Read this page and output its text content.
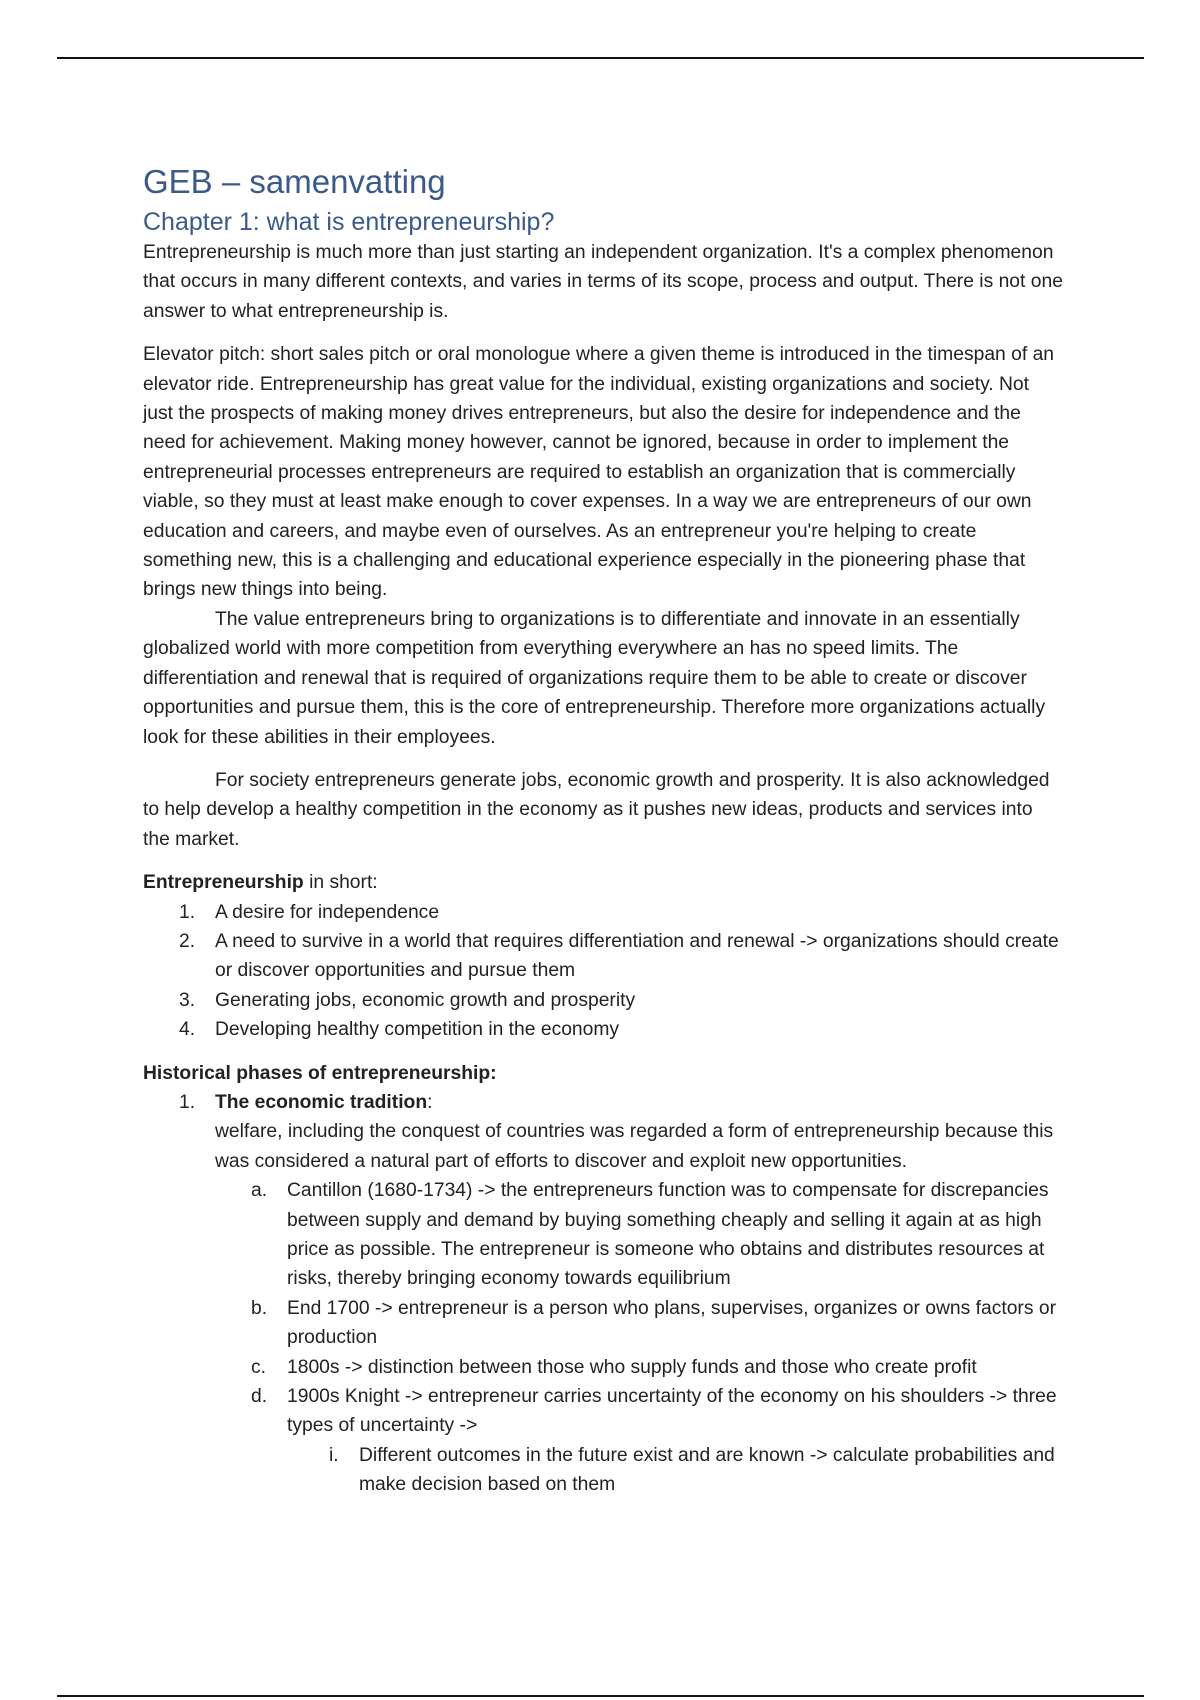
GEB – samenvatting
Chapter 1: what is entrepreneurship?

Entrepreneurship is much more than just starting an independent organization. It's a complex phenomenon that occurs in many different contexts, and varies in terms of its scope, process and output. There is not one answer to what entrepreneurship is.

Elevator pitch: short sales pitch or oral monologue where a given theme is introduced in the timespan of an elevator ride. Entrepreneurship has great value for the individual, existing organizations and society. Not just the prospects of making money drives entrepreneurs, but also the desire for independence and the need for achievement. Making money however, cannot be ignored, because in order to implement the entrepreneurial processes entrepreneurs are required to establish an organization that is commercially viable, so they must at least make enough to cover expenses. In a way we are entrepreneurs of our own education and careers, and maybe even of ourselves. As an entrepreneur you're helping to create something new, this is a challenging and educational experience especially in the pioneering phase that brings new things into being.

The value entrepreneurs bring to organizations is to differentiate and innovate in an essentially globalized world with more competition from everything everywhere an has no speed limits. The differentiation and renewal that is required of organizations require them to be able to create or discover opportunities and pursue them, this is the core of entrepreneurship. Therefore more organizations actually look for these abilities in their employees.

For society entrepreneurs generate jobs, economic growth and prosperity. It is also acknowledged to help develop a healthy competition in the economy as it pushes new ideas, products and services into the market.

Entrepreneurship in short:
1.	A desire for independence
2.	A need to survive in a world that requires differentiation and renewal -> organizations should create or discover opportunities and pursue them
3.	Generating jobs, economic growth and prosperity
4.	Developing healthy competition in the economy
Historical phases of entrepreneurship:
1.	The economic tradition:
welfare, including the conquest of countries was regarded a form of entrepreneurship because this was considered a natural part of efforts to discover and exploit new opportunities.
a.	Cantillon (1680-1734) -> the entrepreneurs function was to compensate for discrepancies between supply and demand by buying something cheaply and selling it again at as high price as possible. The entrepreneur is someone who obtains and distributes resources at risks, thereby bringing economy towards equilibrium
b.	End 1700 -> entrepreneur is a person who plans, supervises, organizes or owns factors or production
c.	1800s -> distinction between those who supply funds and those who create profit
d.	1900s Knight -> entrepreneur carries uncertainty of the economy on his shoulders -> three types of uncertainty ->
i.	Different outcomes in the future exist and are known -> calculate probabilities and make decision based on them
